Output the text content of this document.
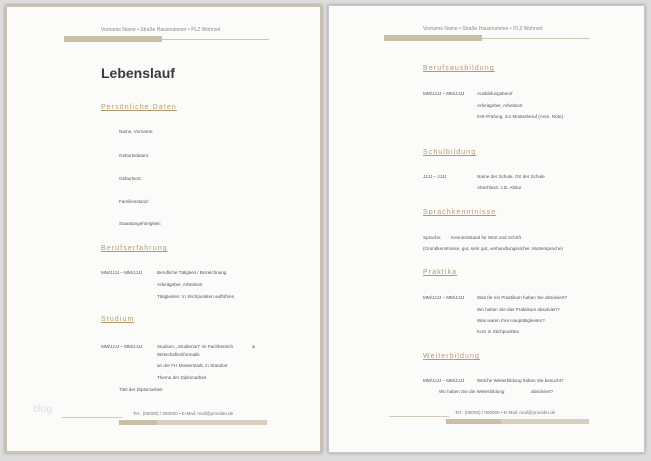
Vorname Name • Straße Hausnummer • PLZ Wohnort
Lebenslauf
Persönliche Daten
Name, Vorname:
Geburtsdatum:
Geburtsort:
Familienstand:
Staatsangehörigkeit:
Berufserfahrung
MM/JJJJ – MM/JJJJ	Berufliche Tätigkeit / Bezeichnung
Arbeitgeber, Arbeitsort
Tätigkeiten: In Stichpunkten aufführen
Studium
MM/JJJJ – MM/JJJJ	Studium, „Studienart“ im Fachbereich	&
Wirtschaftsinformatik
an der FH Musterstadt, in Standort
Thema der Diplomarbeit
Titel der Diplomarbeit
Tel.: (00000) / 000000 • E-Mail: mail@provider.de
blog
Vorname Name • Straße Hausnummer • PLZ Wohnort
Berufsausbildung
MM/JJJJ – MM/JJJJ	Ausbildungsberuf
Arbeitgeber, Arbeitsort
IHK-Prüfung, zur Musterberuf (Anm. Note)
Schulbildung
JJJJ – JJJJ	Name der Schule, Ort der Schule
Abschluss: z.B. Abitur
Sprachkenntnisse
Sprache: Kenntnisstand für Wort und Schrift
(Grundkenntnisse, gut, sehr gut, verhandlungssicher, Muttersprache)
Praktika
MM/JJJJ – MM/JJJJ	Was für ein Praktikum haben Sie absolviert?
Wo haben Sie das Praktikum absolviert?
Was waren Ihre Hauptätigkeiten?
Kurz in Stichpunkten
Weiterbildung
MM/JJJJ – MM/JJJJ	Welche Weiterbildung haben Sie besucht?
Wo haben Sie die Weiterbildung	absolviert?
Tel.: (00000) / 000000 • E-Mail: mail@provider.de
